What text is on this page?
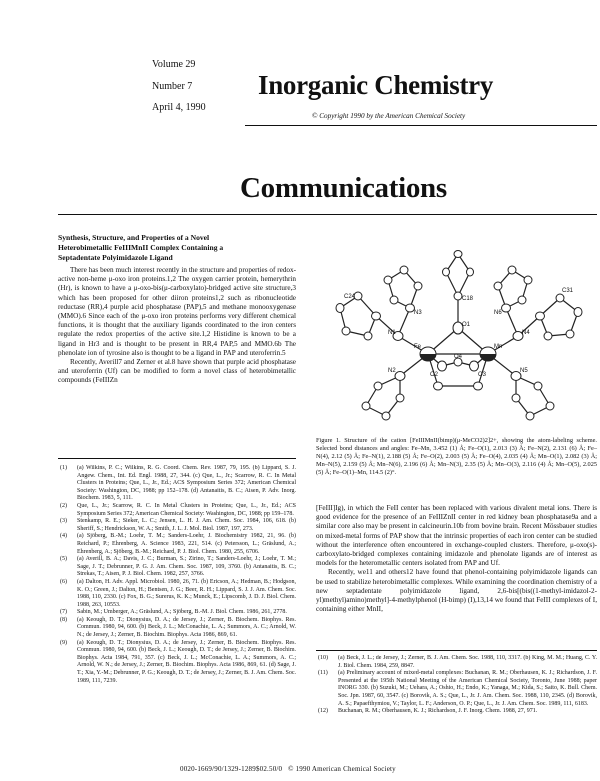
Volume 29
Number 7
April 4, 1990
Inorganic Chemistry
© Copyright 1990 by the American Chemical Society
Communications
Synthesis, Structure, and Properties of a Novel
Heterobimetallic FeIIIMnII Complex Containing a
Septadentate Polyimidazole Ligand

There has been much interest recently in the structure and properties of redox-active non-heme μ-oxo iron proteins.1,2 The oxygen carrier protein, hemerythrin (Hr), is known to have a μ-oxo-bis(μ-carboxylato)-bridged active site structure,3 which has been proposed for other diiron proteins1,2 such as ribonucleotide reductase (RR),4 purple acid phosphatase (PAP),5 and methane monooxygenase (MMO).6 Since each of the μ-oxo iron proteins performs very different chemical functions, it is thought that the auxiliary ligands coordinated to the iron centers regulate the redox properties of the active site.1,2 Histidine is known to be a ligand in Hr3 and is thought to be present in RR,4 PAP,5 and MMO.6b The phenolate ion of tyrosine also is thought to be a ligand in PAP and uteroferrin.5

Recently, Averill7 and Zerner et al.8 have shown that purple acid phosphatase and uteroferrin (Uf) can be modified to form a novel class of heterobimetallic compounds (FeIIIZn

(1)	(a) Wilkins, P. C.; Wilkins, R. G. Coord. Chem. Rev. 1987, 79, 195. (b) Lippard, S. J. Angew. Chem., Int. Ed. Engl. 1988, 27, 344. (c) Que, L., Jr.; Scarrow, R. C. In Metal Clusters in Proteins; Que, L., Jr., Ed.; ACS Symposium Series 372; American Chemical Society: Washington, DC, 1988; pp 152–178. (d) Antanaitis, B. C.; Aisen, P. Adv. Inorg. Biochem. 1983, 5, 111.
(2)	Que, L., Jr.; Scarrow, R. C. In Metal Clusters in Proteins; Que, L., Jr., Ed.; ACS Symposium Series 372; American Chemical Society: Washington, DC, 1988; pp 159–178.
(3)	Stenkamp, R. E.; Sieker, L. C.; Jensen, L. H. J. Am. Chem. Soc. 1984, 106, 618. (b) Sheriff, S.; Hendrickson, W. A.; Smith, J. L. J. Mol. Biol. 1987, 197, 273.
(4)	(a) Sjöberg, B.-M.; Loehr, T. M.; Sanders-Loehr, J. Biochemistry 1982, 21, 96. (b) Reichard, P.; Ehrenberg, A. Science 1983, 221, 514. (c) Petersson, L.; Gräslund, A.; Ehrenberg, A.; Sjöberg, B.-M.; Reichard, P. J. Biol. Chem. 1980, 255, 6706.
(5)	(a) Averill, B. A.; Davis, J. C.; Burman, S.; Zirino, T.; Sanders-Loehr, J.; Loehr, T. M.; Sage, J. T.; Debrunner, P. G. J. Am. Chem. Soc. 1987, 109, 3760. (b) Antanaitis, B. C.; Strekas, T.; Aisen, P. J. Biol. Chem. 1982, 257, 3766.
(6)	(a) Dalton, H. Adv. Appl. Microbiol. 1980, 26, 71. (b) Ericson, A.; Hedman, B.; Hodgson, K. O.; Green, J.; Dalton, H.; Bentsen, J. G.; Beer, R. H.; Lippard, S. J. J. Am. Chem. Soc. 1988, 110, 2330. (c) Fox, B. G.; Surerus, K. K.; Munck, E.; Lipscomb, J. D. J. Biol. Chem. 1988, 263, 10553.
(7)	Sabin, M.; Umberger, A.; Gräslund, A.; Sjöberg, B.-M. J. Biol. Chem. 1986, 261, 2778.
(8)	(a) Keough, D. T.; Dionysius, D. A.; de Jersey, J.; Zerner, B. Biochem. Biophys. Res. Commun. 1980, 94, 600. (b) Beck, J. L.; McConachie, L. A.; Summors, A. C.; Arnold, W. N.; de Jersey, J.; Zerner, B. Biochim. Biophys. Acta 1986, 869, 61.
(9)	(a) Keough, D. T.; Dionysius, D. A.; de Jersey, J.; Zerner, B. Biochem. Biophys. Res. Commun. 1980, 94, 600. (b) Beck, J. L.; Keough, D. T.; de Jersey, J.; Zerner, B. Biochim. Biophys. Acta 1984, 791, 357. (c) Beck, J. L.; McConachie, L. A.; Summors, A. C.; Arnold, W. N.; de Jersey, J.; Zerner, B. Biochim. Biophys. Acta 1986, 869, 61. (d) Sage, J. T.; Xia, Y.-M.; Debrunner, P. G.; Keough, D. T.; de Jersey, J.; Zerner, B. J. Am. Chem. Soc. 1989, 111, 7239.
O1
O2	O3
O4
Fe	Mn
N1
N2
N3
N4
N5
N6
C18
C24
C31
Figure 1. Structure of the cation [FeIIIMnII(bimp)(μ-MeCO2)2]2+, showing the atom-labeling scheme. Selected bond distances and angles: Fe–Mn, 3.452 (1) Å; Fe–O(1), 2.013 (3) Å; Fe–N(2), 2.131 (6) Å; Fe–N(4), 2.12 (5) Å; Fe–N(1), 2.188 (5) Å; Fe–O(2), 2.003 (5) Å; Fe–O(4), 2.035 (4) Å; Mn–O(1), 2.082 (3) Å; Mn–N(5), 2.159 (5) Å; Mn–N(6), 2.196 (6) Å; Mn–N(3), 2.35 (5) Å; Mn–O(3), 2.116 (4) Å; Mn–O(5), 2.025 (5) Å; Fe–O(1)–Mn, 114.5 (2)°.

[FeIII]Ig), in which the FeII center has been replaced with various divalent metal ions. There is good evidence for the presence of an FeIIIZnII center in red kidney bean phosphatase9a and a similar core also may be present in calcineurin.10b from bovine brain. Recent Mössbauer studies on mixed-metal forms of PAP show that the intrinsic properties of each iron center can be studied without the interference often encountered in exchange-coupled clusters. Therefore, μ-oxo(s)-carboxylato-bridged complexes containing imidazole and phenolate ligands are of interest as models for the heterometallic centers isolated from PAP and Uf.

Recently, we11 and others12 have found that phenol-containing polyimidazole ligands can be used to stabilize heterobimetallic complexes. While examining the coordination chemistry of a new septadentate polyimidazole ligand, 2,6-bis[(bis((1-methyl-imidazol-2-yl)methyl)amino)methyl]-4-methylphenol (H-bimp) (I),13,14 we found that FeIII complexes of I, containing either MnII,

(10)	(a) Beck, J. L.; de Jersey, J.; Zerner, B. J. Am. Chem. Soc. 1988, 110, 3317. (b) King, M. M.; Huang, C. Y. J. Biol. Chem. 1984, 259, 8847.
(11)	(a) Preliminary account of mixed-metal complexes: Buchanan, R. M.; Oberhausen, K. J.; Richardson, J. F. Presented at the 195th National Meeting of the American Chemical Society, Toronto, June 1988; paper INORG 330. (b) Suzuki, M.; Uehara, A.; Oshio, H.; Endo, K.; Yanaga, M.; Kida, S.; Saito, K. Bull. Chem. Soc. Jpn. 1987, 60, 3547. (c) Borovik, A. S.; Que, L., Jr. J. Am. Chem. Soc. 1988, 110, 2345. (d) Borovik, A. S.; Papaefthymiou, V.; Taylor, L. F.; Anderson, O. P.; Que, L., Jr. J. Am. Chem. Soc. 1989, 111, 6183.
(12)	Buchanan, R. M.; Oberhausen, K. J.; Richardson, J. F. Inorg. Chem. 1988, 27, 971.
0020-1669/90/1329-1289$02.50/0   © 1990 American Chemical Society
